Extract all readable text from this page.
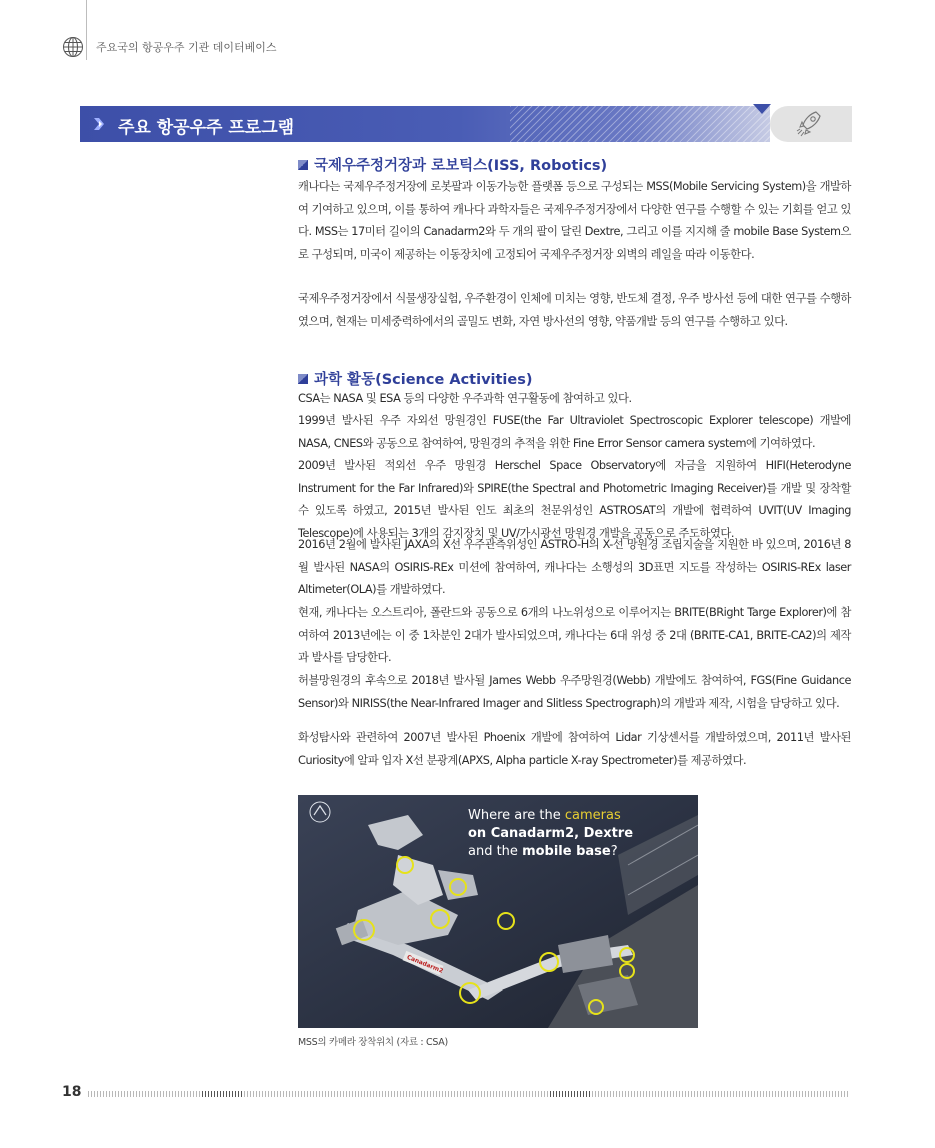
주요국의 항공우주 기관 데이터베이스
주요 항공우주 프로그램
국제우주정거장과 로보틱스(ISS, Robotics)

캐나다는 국제우주정거장에 로봇팔과 이동가능한 플랫폼 등으로 구성되는 MSS(Mobile Servicing System)을 개발하여 기여하고 있으며, 이를 통하여 캐나다 과학자들은 국제우주정거장에서 다양한 연구를 수행할 수 있는 기회를 얻고 있다. MSS는 17미터 길이의 Canadarm2와 두 개의 팔이 달린 Dextre, 그리고 이를 지지해 줄 mobile Base System으로 구성되며, 미국이 제공하는 이동장치에 고정되어 국제우주정거장 외벽의 레일을 따라 이동한다.

국제우주정거장에서 식물생장실험, 우주환경이 인체에 미치는 영향, 반도체 결정, 우주 방사선 등에 대한 연구를 수행하였으며, 현재는 미세중력하에서의 골밀도 변화, 자연 방사선의 영향, 약품개발 등의 연구를 수행하고 있다.

과학 활동(Science Activities)

CSA는 NASA 및 ESA 등의 다양한 우주과학 연구활동에 참여하고 있다.

1999년 발사된 우주 자외선 망원경인 FUSE(the Far Ultraviolet Spectroscopic Explorer telescope) 개발에 NASA, CNES와 공동으로 참여하여, 망원경의 추적을 위한 Fine Error Sensor camera system에 기여하였다.

2009년 발사된 적외선 우주 망원경 Herschel Space Observatory에 자금을 지원하여 HIFI(Heterodyne Instrument for the Far Infrared)와 SPIRE(the Spectral and Photometric Imaging Receiver)를 개발 및 장착할 수 있도록 하였고, 2015년 발사된 인도 최초의 천문위성인 ASTROSAT의 개발에 협력하여 UVIT(UV Imaging Telescope)에 사용되는 3개의 감지장치 및 UV/가시광선 망원경 개발을 공동으로 주도하였다.

2016년 2월에 발사된 JAXA의 X선 우주관측위성인 ASTRO-H의 X-선 망원경 조립지술을 지원한 바 있으며, 2016년 8월 발사된 NASA의 OSIRIS-REx 미션에 참여하여, 캐나다는 소행성의 3D표면 지도를 작성하는 OSIRIS-REx laser Altimeter(OLA)를 개발하였다.

현재, 캐나다는 오스트리아, 폴란드와 공동으로 6개의 나노위성으로 이루어지는 BRITE(BRight Targe Explorer)에 참여하여 2013년에는 이 중 1차분인 2대가 발사되었으며, 캐나다는 6대 위성 중 2대 (BRITE-CA1, BRITE-CA2)의 제작과 발사를 담당한다.

허블망원경의 후속으로 2018년 발사될 James Webb 우주망원경(Webb) 개발에도 참여하여, FGS(Fine Guidance Sensor)와 NIRISS(the Near-Infrared Imager and Slitless Spectrograph)의 개발과 제작, 시험을 담당하고 있다.

화성탐사와 관련하여 2007년 발사된 Phoenix 개발에 참여하여 Lidar 기상센서를 개발하였으며, 2011년 발사된 Curiosity에 알파 입자 X선 분광계(APXS, Alpha particle X-ray Spectrometer)를 제공하였다.

Canadarm2
Where are the cameras
on Canadarm2, Dextre
and the mobile base?
MSS의 카메라 장착위치 (자료 : CSA)
18
